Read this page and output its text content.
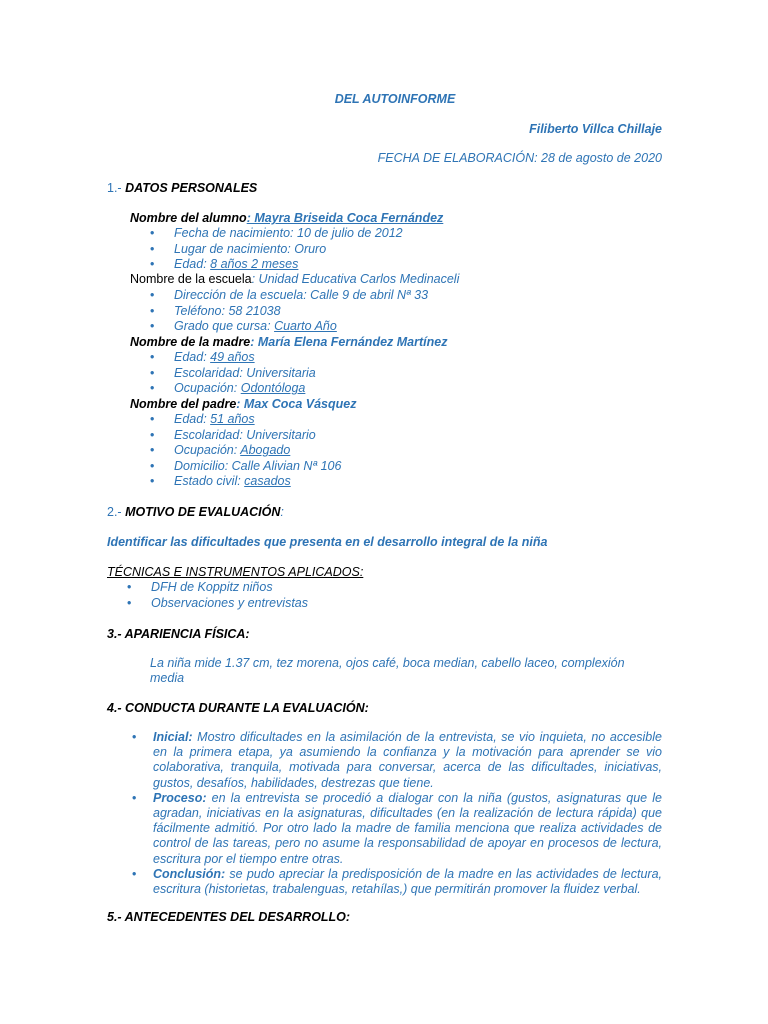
DEL AUTOINFORME
Filiberto Villca Chillaje
FECHA DE ELABORACIÓN: 28 de agosto de 2020
1.- DATOS PERSONALES
Nombre del alumno: Mayra Briseida Coca Fernández
• Fecha de nacimiento: 10 de julio de 2012
• Lugar de nacimiento: Oruro
• Edad: 8 años 2 meses
Nombre de la escuela: Unidad Educativa Carlos Medinaceli
• Dirección de la escuela: Calle 9 de abril Nª 33
• Teléfono: 58 21038
• Grado que cursa: Cuarto Año
Nombre de la madre: María Elena Fernández Martínez
• Edad: 49 años
• Escolaridad: Universitaria
• Ocupación: Odontóloga
Nombre del padre: Max Coca Vásquez
• Edad: 51 años
• Escolaridad: Universitario
• Ocupación: Abogado
• Domicilio: Calle Alivian Nª 106
• Estado civil: casados
2.- MOTIVO DE EVALUACIÓN:
Identificar las dificultades que presenta en el desarrollo integral de la niña
TÉCNICAS E INSTRUMENTOS APLICADOS:
• DFH de Koppitz niños
• Observaciones y entrevistas
3.- APARIENCIA FÍSICA:
La niña mide 1.37 cm, tez morena, ojos café, boca median, cabello laceo, complexión media
4.- CONDUCTA DURANTE LA EVALUACIÓN:
• Inicial: Mostro dificultades en la asimilación de la entrevista, se vio inquieta, no accesible en la primera etapa, ya asumiendo la confianza y la motivación para aprender se vio colaborativa, tranquila, motivada para conversar, acerca de las dificultades, iniciativas, gustos, desafíos, habilidades, destrezas que tiene.
• Proceso: en la entrevista se procedió a dialogar con la niña (gustos, asignaturas que le agradan, iniciativas en la asignaturas, dificultades (en la realización de lectura rápida) que fácilmente admitió. Por otro lado la madre de familia menciona que realiza actividades de control de las tareas, pero no asume la responsabilidad de apoyar en procesos de lectura, escritura por el tiempo entre otras.
• Conclusión: se pudo apreciar la predisposición de la madre en las actividades de lectura, escritura (historietas, trabalenguas, retahílas,) que permitirán promover la fluidez verbal.
5.- ANTECEDENTES DEL DESARROLLO:
